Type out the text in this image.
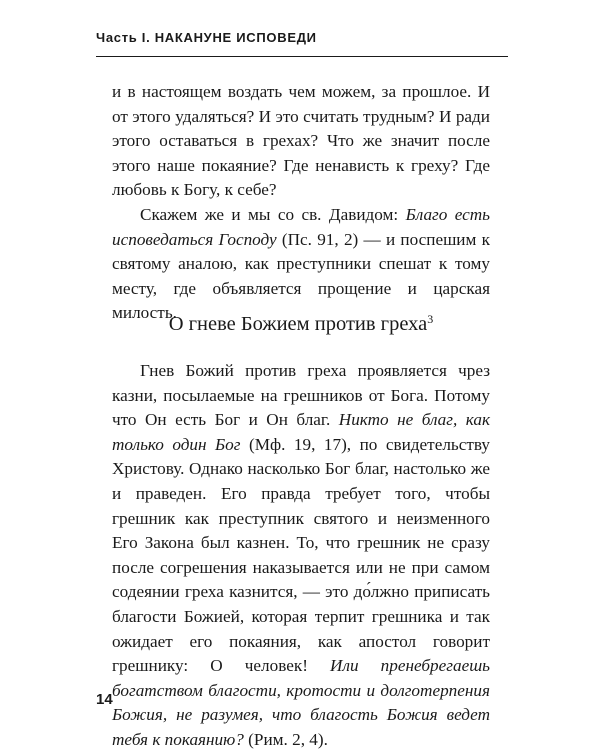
Часть I. НАКАНУНЕ ИСПОВЕДИ

и в настоящем воздать чем можем, за прошлое. И от этого удаляться? И это считать трудным? И ради этого оставаться в грехах? Что же значит после этого наше покаяние? Где ненависть к греху? Где любовь к Богу, к себе?

Скажем же и мы со св. Давидом: Благо есть исповедаться Господу (Пс. 91, 2) — и поспешим к святому аналою, как преступники спешат к тому месту, где объявляется прощение и царская милость.

О гневе Божием против греха$^3$

Гнев Божий против греха проявляется чрез казни, посылаемые на грешников от Бога. Потому что Он есть Бог и Он благ. Никто не благ, как только один Бог (Мф. 19, 17), по свидетельству Христову. Однако насколько Бог благ, настолько же и праведен. Его правда требует того, чтобы грешник как преступник святого и неизменного Его Закона был казнен. То, что грешник не сразу после согрешения наказывается или не при самом содеянии греха казнится, — это до́лжно приписать благости Божией, которая терпит грешника и так ожидает его покаяния, как апостол говорит грешнику: О человек! Или пренебрегаешь богатством благости, кротости и долготерпения Божия, не разумея, что благость Божия ведет тебя к покаянию? (Рим. 2, 4).

14
